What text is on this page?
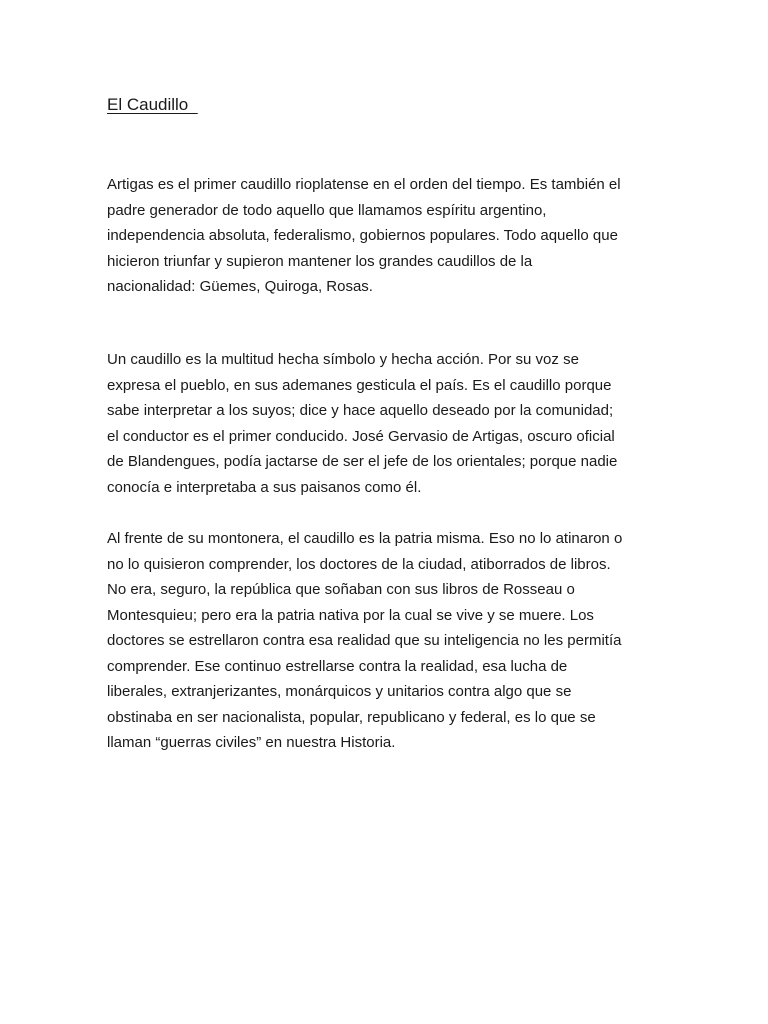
El Caudillo

Artigas es el primer caudillo rioplatense en el orden del tiempo. Es también el
padre generador de todo aquello que llamamos espíritu argentino,
independencia absoluta, federalismo, gobiernos populares. Todo aquello que
hicieron triunfar y supieron mantener los grandes caudillos de la
nacionalidad: Güemes, Quiroga, Rosas.

Un caudillo es la multitud hecha símbolo y hecha acción. Por su voz se
expresa el pueblo, en sus ademanes gesticula el país. Es el caudillo porque
sabe interpretar a los suyos; dice y hace aquello deseado por la comunidad;
el conductor es el primer conducido. José Gervasio de Artigas, oscuro oficial
de Blandengues, podía jactarse de ser el jefe de los orientales; porque nadie
conocía e interpretaba a sus paisanos como él.

Al frente de su montonera, el caudillo es la patria misma. Eso no lo atinaron o
no lo quisieron comprender, los doctores de la ciudad, atiborrados de libros.
No era, seguro, la república que soñaban con sus libros de Rosseau o
Montesquieu; pero era la patria nativa por la cual se vive y se muere. Los
doctores se estrellaron contra esa realidad que su inteligencia no les permitía
comprender. Ese continuo estrellarse contra la realidad, esa lucha de
liberales, extranjerizantes, monárquicos y unitarios contra algo que se
obstinaba en ser nacionalista, popular, republicano y federal, es lo que se
llaman “guerras civiles” en nuestra Historia.
